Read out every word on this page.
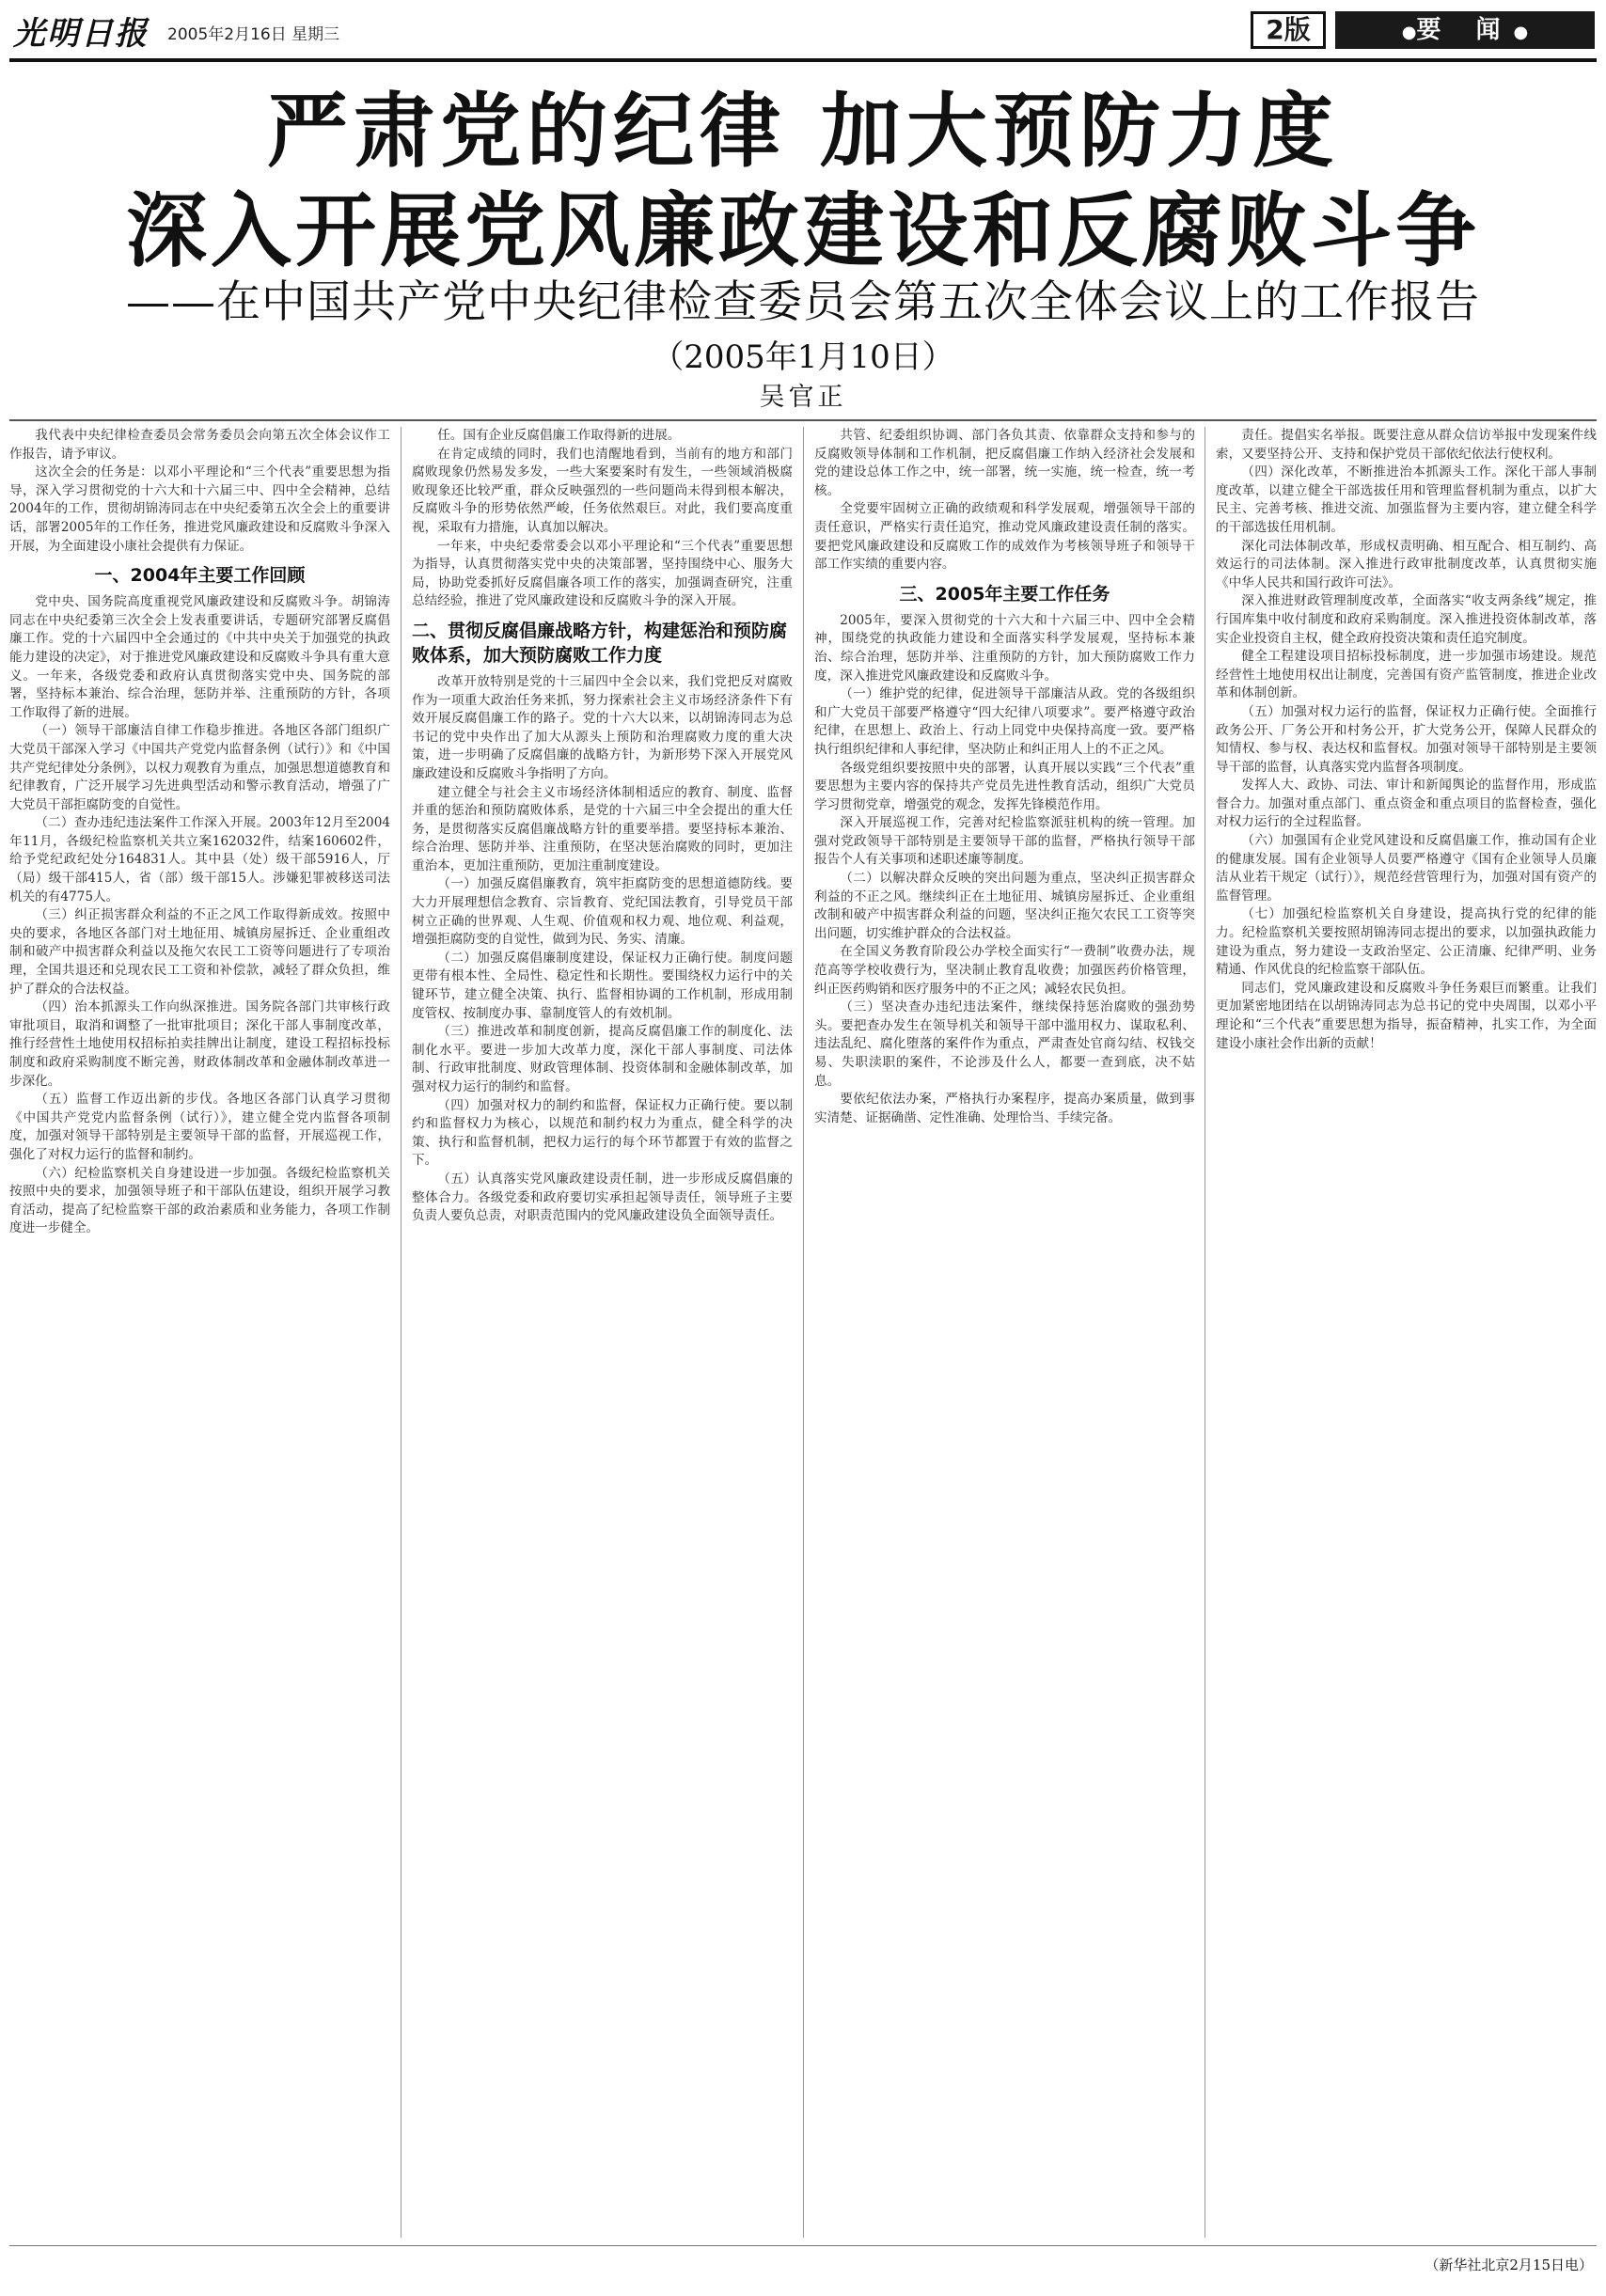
光明日报 2005年2月16日 星期三	2版	●要 闻●
严肃党的纪律 加大预防力度
深入开展党风廉政建设和反腐败斗争
——在中国共产党中央纪律检查委员会第五次全体会议上的工作报告
（2005年1月10日）
吴官正

我代表中央纪律检查委员会常务委员会向第五次全体会议作工作报告，请予审议。

这次全会的任务是：以邓小平理论和“三个代表”重要思想为指导，深入学习贯彻党的十六大和十六届三中、四中全会精神，总结2004年的工作，贯彻胡锦涛同志在中央纪委第五次全会上的重要讲话，部署2005年的工作任务，推进党风廉政建设和反腐败斗争深入开展，为全面建设小康社会提供有力保证。

一、2004年主要工作回顾

党中央、国务院高度重视党风廉政建设和反腐败斗争。胡锦涛同志在中央纪委第三次全会上发表重要讲话，专题研究部署反腐倡廉工作。党的十六届四中全会通过的《中共中央关于加强党的执政能力建设的决定》，对于推进党风廉政建设和反腐败斗争具有重大意义。一年来，各级党委和政府认真贯彻落实党中央、国务院的部署，坚持标本兼治、综合治理，惩防并举、注重预防的方针，各项工作取得了新的进展。

（一）领导干部廉洁自律工作稳步推进。各地区各部门组织广大党员干部深入学习《中国共产党党内监督条例（试行）》和《中国共产党纪律处分条例》，以权力观教育为重点，加强思想道德教育和纪律教育，广泛开展学习先进典型活动和警示教育活动，增强了广大党员干部拒腐防变的自觉性。

（二）查办违纪违法案件工作深入开展。2003年12月至2004年11月，各级纪检监察机关共立案162032件，结案160602件，给予党纪政纪处分164831人。其中县（处）级干部5916人，厅（局）级干部415人，省（部）级干部15人。涉嫌犯罪被移送司法机关的有4775人。

（三）纠正损害群众利益的不正之风工作取得新成效。按照中央的要求，各地区各部门对土地征用、城镇房屋拆迁、企业重组改制和破产中损害群众利益以及拖欠农民工工资等问题进行了专项治理，全国共退还和兑现农民工工资和补偿款，减轻了群众负担，维护了群众的合法权益。

（四）治本抓源头工作向纵深推进。国务院各部门共审核行政审批项目，取消和调整了一批审批项目；深化干部人事制度改革，推行经营性土地使用权招标拍卖挂牌出让制度，建设工程招标投标制度和政府采购制度不断完善，财政体制改革和金融体制改革进一步深化。

（五）监督工作迈出新的步伐。各地区各部门认真学习贯彻《中国共产党党内监督条例（试行）》，建立健全党内监督各项制度，加强对领导干部特别是主要领导干部的监督，开展巡视工作，强化了对权力运行的监督和制约。

（六）纪检监察机关自身建设进一步加强。各级纪检监察机关按照中央的要求，加强领导班子和干部队伍建设，组织开展学习教育活动，提高了纪检监察干部的政治素质和业务能力，各项工作制度进一步健全。

任。国有企业反腐倡廉工作取得新的进展。

在肯定成绩的同时，我们也清醒地看到，当前有的地方和部门腐败现象仍然易发多发，一些大案要案时有发生，一些领域消极腐败现象还比较严重，群众反映强烈的一些问题尚未得到根本解决，反腐败斗争的形势依然严峻，任务依然艰巨。对此，我们要高度重视，采取有力措施，认真加以解决。

一年来，中央纪委常委会以邓小平理论和“三个代表”重要思想为指导，认真贯彻落实党中央的决策部署，坚持围绕中心、服务大局，协助党委抓好反腐倡廉各项工作的落实，加强调查研究，注重总结经验，推进了党风廉政建设和反腐败斗争的深入开展。

二、贯彻反腐倡廉战略方针，构建惩治和预防腐败体系，加大预防腐败工作力度

改革开放特别是党的十三届四中全会以来，我们党把反对腐败作为一项重大政治任务来抓，努力探索社会主义市场经济条件下有效开展反腐倡廉工作的路子。党的十六大以来，以胡锦涛同志为总书记的党中央作出了加大从源头上预防和治理腐败力度的重大决策，进一步明确了反腐倡廉的战略方针，为新形势下深入开展党风廉政建设和反腐败斗争指明了方向。

建立健全与社会主义市场经济体制相适应的教育、制度、监督并重的惩治和预防腐败体系，是党的十六届三中全会提出的重大任务，是贯彻落实反腐倡廉战略方针的重要举措。要坚持标本兼治、综合治理、惩防并举、注重预防，在坚决惩治腐败的同时，更加注重治本，更加注重预防，更加注重制度建设。

（一）加强反腐倡廉教育，筑牢拒腐防变的思想道德防线。要大力开展理想信念教育、宗旨教育、党纪国法教育，引导党员干部树立正确的世界观、人生观、价值观和权力观、地位观、利益观，增强拒腐防变的自觉性，做到为民、务实、清廉。

（二）加强反腐倡廉制度建设，保证权力正确行使。制度问题更带有根本性、全局性、稳定性和长期性。要围绕权力运行中的关键环节，建立健全决策、执行、监督相协调的工作机制，形成用制度管权、按制度办事、靠制度管人的有效机制。

（三）推进改革和制度创新，提高反腐倡廉工作的制度化、法制化水平。要进一步加大改革力度，深化干部人事制度、司法体制、行政审批制度、财政管理体制、投资体制和金融体制改革，加强对权力运行的制约和监督。

（四）加强对权力的制约和监督，保证权力正确行使。要以制约和监督权力为核心，以规范和制约权力为重点，健全科学的决策、执行和监督机制，把权力运行的每个环节都置于有效的监督之下。

（五）认真落实党风廉政建设责任制，进一步形成反腐倡廉的整体合力。各级党委和政府要切实承担起领导责任，领导班子主要负责人要负总责，对职责范围内的党风廉政建设负全面领导责任。

共管、纪委组织协调、部门各负其责、依靠群众支持和参与的反腐败领导体制和工作机制，把反腐倡廉工作纳入经济社会发展和党的建设总体工作之中，统一部署，统一实施，统一检查，统一考核。

全党要牢固树立正确的政绩观和科学发展观，增强领导干部的责任意识，严格实行责任追究，推动党风廉政建设责任制的落实。要把党风廉政建设和反腐败工作的成效作为考核领导班子和领导干部工作实绩的重要内容。

三、2005年主要工作任务

2005年，要深入贯彻党的十六大和十六届三中、四中全会精神，围绕党的执政能力建设和全面落实科学发展观，坚持标本兼治、综合治理，惩防并举、注重预防的方针，加大预防腐败工作力度，深入推进党风廉政建设和反腐败斗争。

（一）维护党的纪律，促进领导干部廉洁从政。党的各级组织和广大党员干部要严格遵守“四大纪律八项要求”。要严格遵守政治纪律，在思想上、政治上、行动上同党中央保持高度一致。要严格执行组织纪律和人事纪律，坚决防止和纠正用人上的不正之风。

各级党组织要按照中央的部署，认真开展以实践“三个代表”重要思想为主要内容的保持共产党员先进性教育活动，组织广大党员学习贯彻党章，增强党的观念，发挥先锋模范作用。

深入开展巡视工作，完善对纪检监察派驻机构的统一管理。加强对党政领导干部特别是主要领导干部的监督，严格执行领导干部报告个人有关事项和述职述廉等制度。

（二）以解决群众反映的突出问题为重点，坚决纠正损害群众利益的不正之风。继续纠正在土地征用、城镇房屋拆迁、企业重组改制和破产中损害群众利益的问题，坚决纠正拖欠农民工工资等突出问题，切实维护群众的合法权益。

在全国义务教育阶段公办学校全面实行“一费制”收费办法，规范高等学校收费行为，坚决制止教育乱收费；加强医药价格管理，纠正医药购销和医疗服务中的不正之风；减轻农民负担。

（三）坚决查办违纪违法案件，继续保持惩治腐败的强劲势头。要把查办发生在领导机关和领导干部中滥用权力、谋取私利、违法乱纪、腐化堕落的案件作为重点，严肃查处官商勾结、权钱交易、失职渎职的案件，不论涉及什么人，都要一查到底，决不姑息。

要依纪依法办案，严格执行办案程序，提高办案质量，做到事实清楚、证据确凿、定性准确、处理恰当、手续完备。

责任。提倡实名举报。既要注意从群众信访举报中发现案件线索，又要坚持公开、支持和保护党员干部依纪依法行使权利。

（四）深化改革，不断推进治本抓源头工作。深化干部人事制度改革，以建立健全干部选拔任用和管理监督机制为重点，以扩大民主、完善考核、推进交流、加强监督为主要内容，建立健全科学的干部选拔任用机制。

深化司法体制改革，形成权责明确、相互配合、相互制约、高效运行的司法体制。深入推进行政审批制度改革，认真贯彻实施《中华人民共和国行政许可法》。

深入推进财政管理制度改革，全面落实“收支两条线”规定，推行国库集中收付制度和政府采购制度。深入推进投资体制改革，落实企业投资自主权，健全政府投资决策和责任追究制度。

健全工程建设项目招标投标制度，进一步加强市场建设。规范经营性土地使用权出让制度，完善国有资产监管制度，推进企业改革和体制创新。

（五）加强对权力运行的监督，保证权力正确行使。全面推行政务公开、厂务公开和村务公开，扩大党务公开，保障人民群众的知情权、参与权、表达权和监督权。加强对领导干部特别是主要领导干部的监督，认真落实党内监督各项制度。

发挥人大、政协、司法、审计和新闻舆论的监督作用，形成监督合力。加强对重点部门、重点资金和重点项目的监督检查，强化对权力运行的全过程监督。

（六）加强国有企业党风建设和反腐倡廉工作，推动国有企业的健康发展。国有企业领导人员要严格遵守《国有企业领导人员廉洁从业若干规定（试行）》，规范经营管理行为，加强对国有资产的监督管理。

（七）加强纪检监察机关自身建设，提高执行党的纪律的能力。纪检监察机关要按照胡锦涛同志提出的要求，以加强执政能力建设为重点，努力建设一支政治坚定、公正清廉、纪律严明、业务精通、作风优良的纪检监察干部队伍。

同志们，党风廉政建设和反腐败斗争任务艰巨而繁重。让我们更加紧密地团结在以胡锦涛同志为总书记的党中央周围，以邓小平理论和“三个代表”重要思想为指导，振奋精神，扎实工作，为全面建设小康社会作出新的贡献！

（新华社北京2月15日电）
